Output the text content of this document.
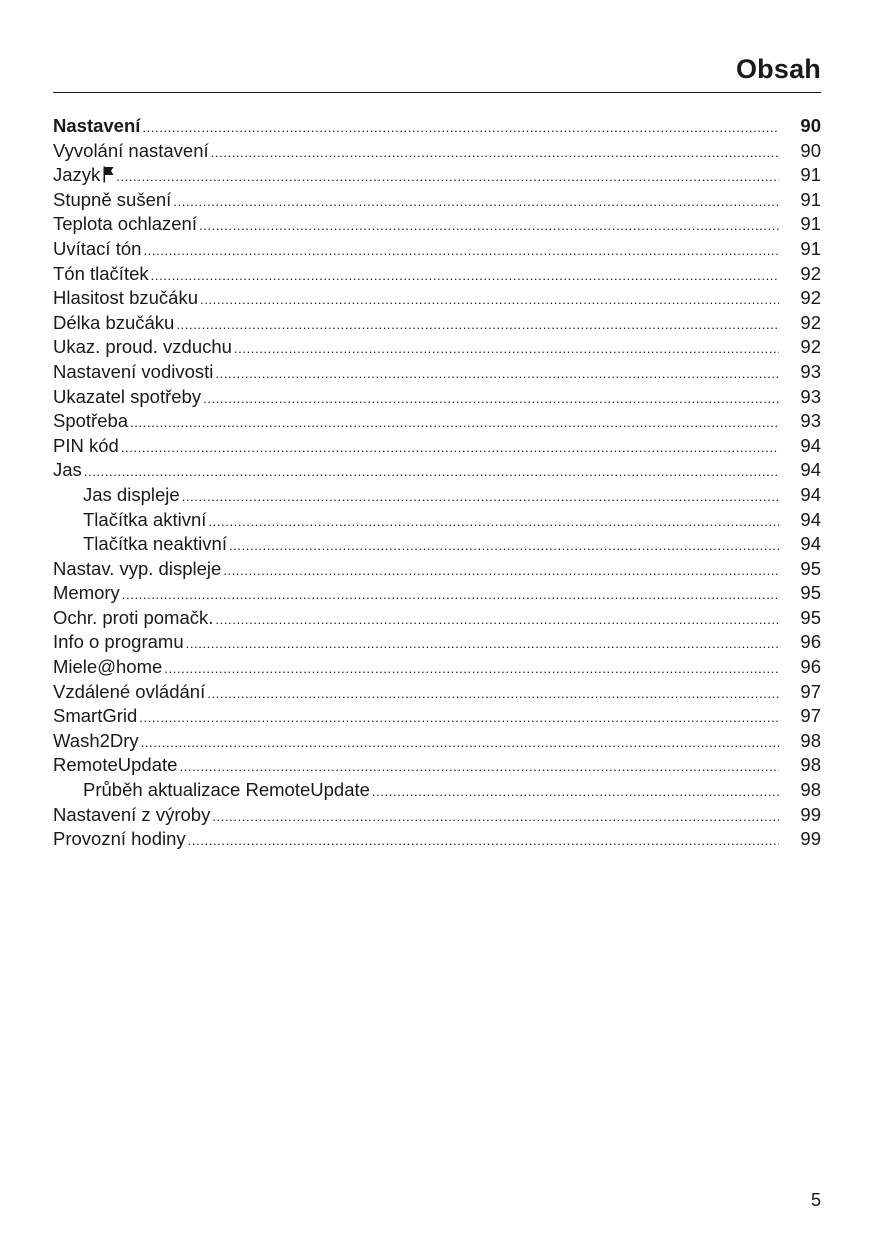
Obsah
Nastavení .....	90
Vyvolání nastavení .....	90
Jazyk .....	91
Stupně sušení .....	91
Teplota ochlazení .....	91
Uvítací tón .....	91
Tón tlačítek .....	92
Hlasitost bzučáku .....	92
Délka bzučáku .....	92
Ukaz. proud. vzduchu .....	92
Nastavení vodivosti .....	93
Ukazatel spotřeby .....	93
Spotřeba .....	93
PIN kód .....	94
Jas .....	94
Jas displeje .....	94
Tlačítka aktivní .....	94
Tlačítka neaktivní .....	94
Nastav. vyp. displeje .....	95
Memory .....	95
Ochr. proti pomačk. .....	95
Info o programu .....	96
Miele@home .....	96
Vzdálené ovládání .....	97
SmartGrid .....	97
Wash2Dry .....	98
RemoteUpdate .....	98
Průběh aktualizace RemoteUpdate .....	98
Nastavení z výroby .....	99
Provozní hodiny .....	99
5
